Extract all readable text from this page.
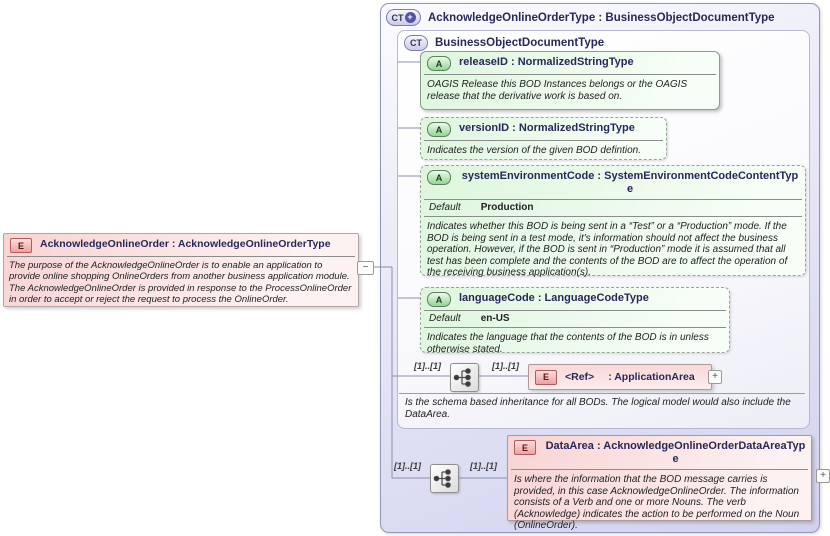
CT + AcknowledgeOnlineOrderType : BusinessObjectDocumentType
CT	BusinessObjectDocumentType
E	AcknowledgeOnlineOrder : AcknowledgeOnlineOrderType
The purpose of the AcknowledgeOnlineOrder is to enable an application to provide online shopping OnlineOrders from another business application module. The AcknowledgeOnlineOrder is provided in response to the ProcessOnlineOrder in order to accept or reject the request to process the OnlineOrder.
−
A	releaseID : NormalizedStringType
OAGIS Release this BOD Instances belongs or the OAGIS release that the derivative work is based on.
A	versionID : NormalizedStringType
Indicates the version of the given BOD defintion.
A	systemEnvironmentCode : SystemEnvironmentCodeContentType
Default Production
Indicates whether this BOD is being sent in a “Test” or a “Production” mode. If the BOD is being sent in a test mode, it's information should not affect the business operation. However, if the BOD is sent in “Production” mode it is assumed that all test has been complete and the contents of the BOD are to affect the operation of the receiving business application(s).
A	languageCode : LanguageCodeType
Default en-US
Indicates the language that the contents of the BOD is in unless otherwise stated.
[1]..[1]	[1]..[1]
E	<Ref> : ApplicationArea	+
Is the schema based inheritance for all BODs. The logical model would also include the DataArea.
[1]..[1]	[1]..[1]
E	DataArea : AcknowledgeOnlineOrderDataAreaType
Is where the information that the BOD message carries is provided, in this case AcknowledgeOnlineOrder. The information consists of a Verb and one or more Nouns. The verb (Acknowledge) indicates the action to be performed on the Noun (OnlineOrder).
+
